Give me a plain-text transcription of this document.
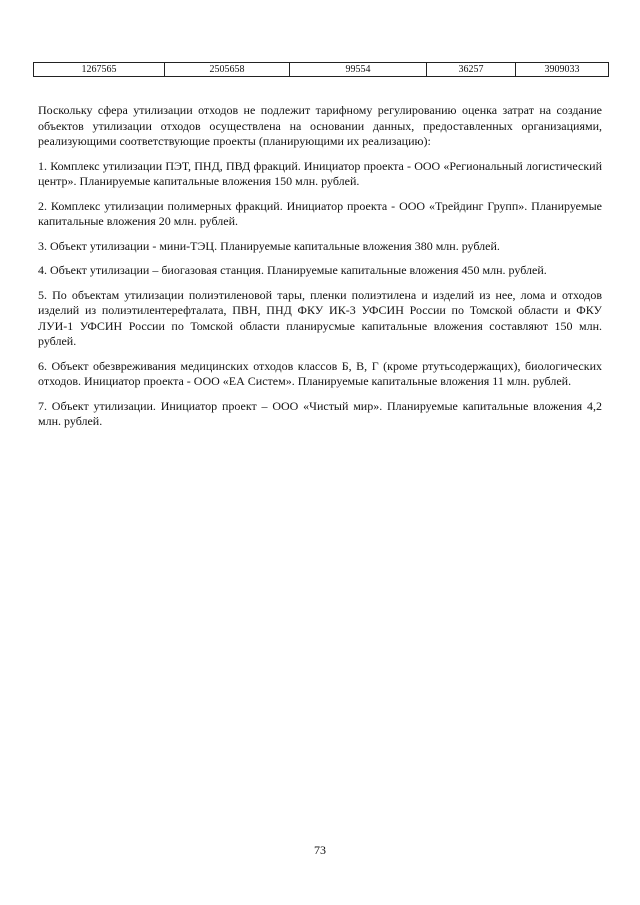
1267565	2505658	99554	36257	3909033

Поскольку сфера утилизации отходов не подлежит тарифному регулированию оценка затрат на создание объектов утилизации отходов осуществлена на основании данных, предоставленных организациями, реализующими соответствующие проекты (планирующими их реализацию):

1. Комплекс утилизации ПЭТ, ПНД, ПВД фракций. Инициатор проекта - ООО «Региональный логистический центр». Планируемые капитальные вложения 150 млн. рублей.

2. Комплекс утилизации полимерных фракций. Инициатор проекта - ООО «Трейдинг Групп». Планируемые капитальные вложения 20 млн. рублей.

3. Объект утилизации - мини-ТЭЦ. Планируемые капитальные вложения 380 млн. рублей.

4. Объект утилизации – биогазовая станция. Планируемые капитальные вложения 450 млн. рублей.

5. По объектам утилизации полиэтиленовой тары, пленки полиэтилена и изделий из нее, лома и отходов изделий из полиэтилентерефталата, ПВН, ПНД ФКУ ИК-3 УФСИН России по Томской области и ФКУ ЛУИ-1 УФСИН России по Томской области планирусмые капитальные вложения составляют 150 млн. рублей.

6. Объект обезвреживания медицинских отходов классов Б, В, Г (кроме ртутьсодержащих), биологических отходов. Инициатор проекта - ООО «ЕА Систем». Планируемые капитальные вложения 11 млн. рублей.

7. Объект утилизации. Инициатор проект – ООО «Чистый мир». Планируемые капитальные вложения 4,2 млн. рублей.

73
